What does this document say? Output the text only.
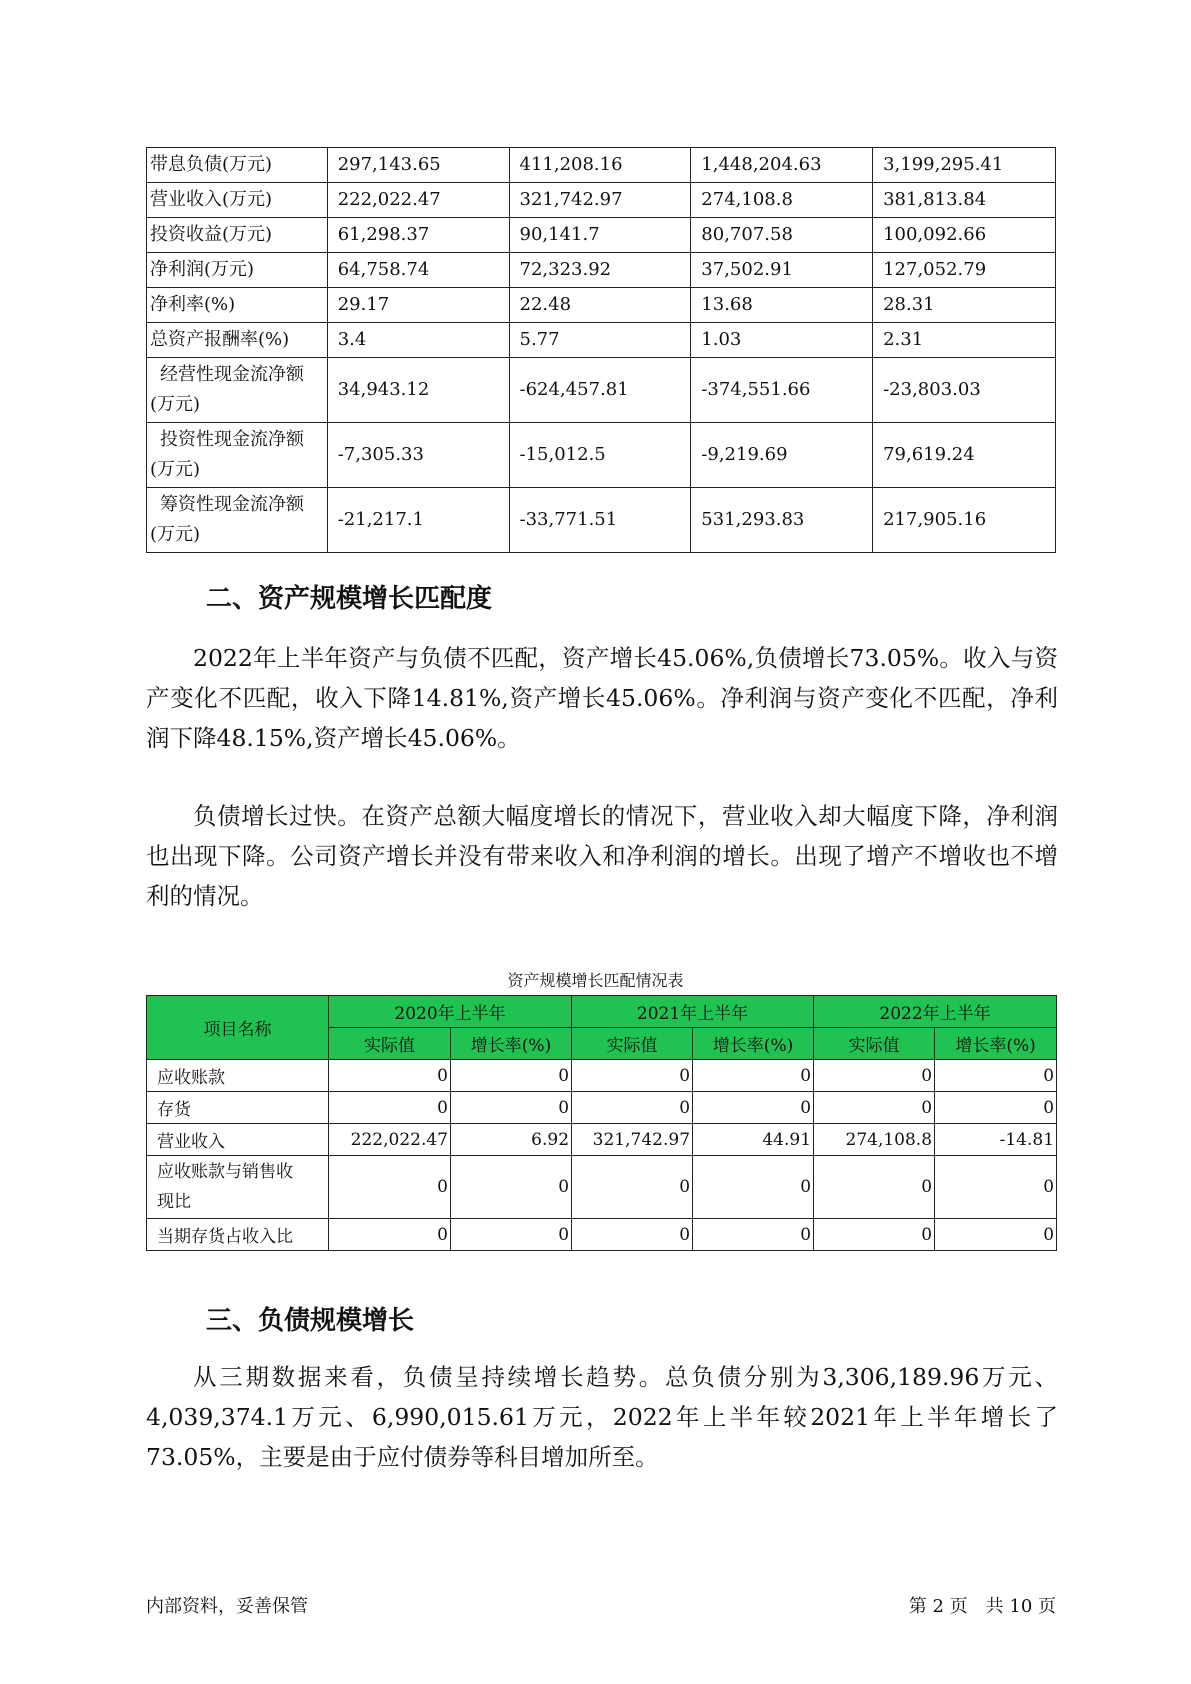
带息负债(万元)	297,143.65	411,208.16	1,448,204.63	3,199,295.41
营业收入(万元)	222,022.47	321,742.97	274,108.8	381,813.84
投资收益(万元)	61,298.37	90,141.7	80,707.58	100,092.66
净利润(万元)	64,758.74	72,323.92	37,502.91	127,052.79
净利率(%)	29.17	22.48	13.68	28.31
总资产报酬率(%)	3.4	5.77	1.03	2.31

经营性现金流净额
(万元)	34,943.12	-624,457.81	-374,551.66	-23,803.03

投资性现金流净额
(万元)	-7,305.33	-15,012.5	-9,219.69	79,619.24

筹资性现金流净额
(万元)	-21,217.1	-33,771.51	531,293.83	217,905.16
二、资产规模增长匹配度

2022年上半年资产与负债不匹配，资产增长45.06%,负债增长73.05%。收入与资产变化不匹配，收入下降14.81%,资产增长45.06%。净利润与资产变化不匹配，净利润下降48.15%,资产增长45.06%。

负债增长过快。在资产总额大幅度增长的情况下，营业收入却大幅度下降，净利润也出现下降。公司资产增长并没有带来收入和净利润的增长。出现了增产不增收也不增利的情况。

资产规模增长匹配情况表
项目名称	2020年上半年		2021年上半年		2022年上半年	
	实际值	增长率(%)	实际值	增长率(%)	实际值	增长率(%)
应收账款	0	0	0	0	0	0
存货	0	0	0	0	0	0
营业收入	222,022.47	6.92	321,742.97	44.91	274,108.8	-14.81

应收账款与销售收
现比	0	0	0	0	0	0
当期存货占收入比	0	0	0	0	0	0
三、负债规模增长

从三期数据来看，负债呈持续增长趋势。总负债分别为3,306,189.96万元、4,039,374.1万元、6,990,015.61万元，2022年上半年较2021年上半年增长了73.05%，主要是由于应付债券等科目增加所至。

内部资料，妥善保管	第 2 页　共 10 页
